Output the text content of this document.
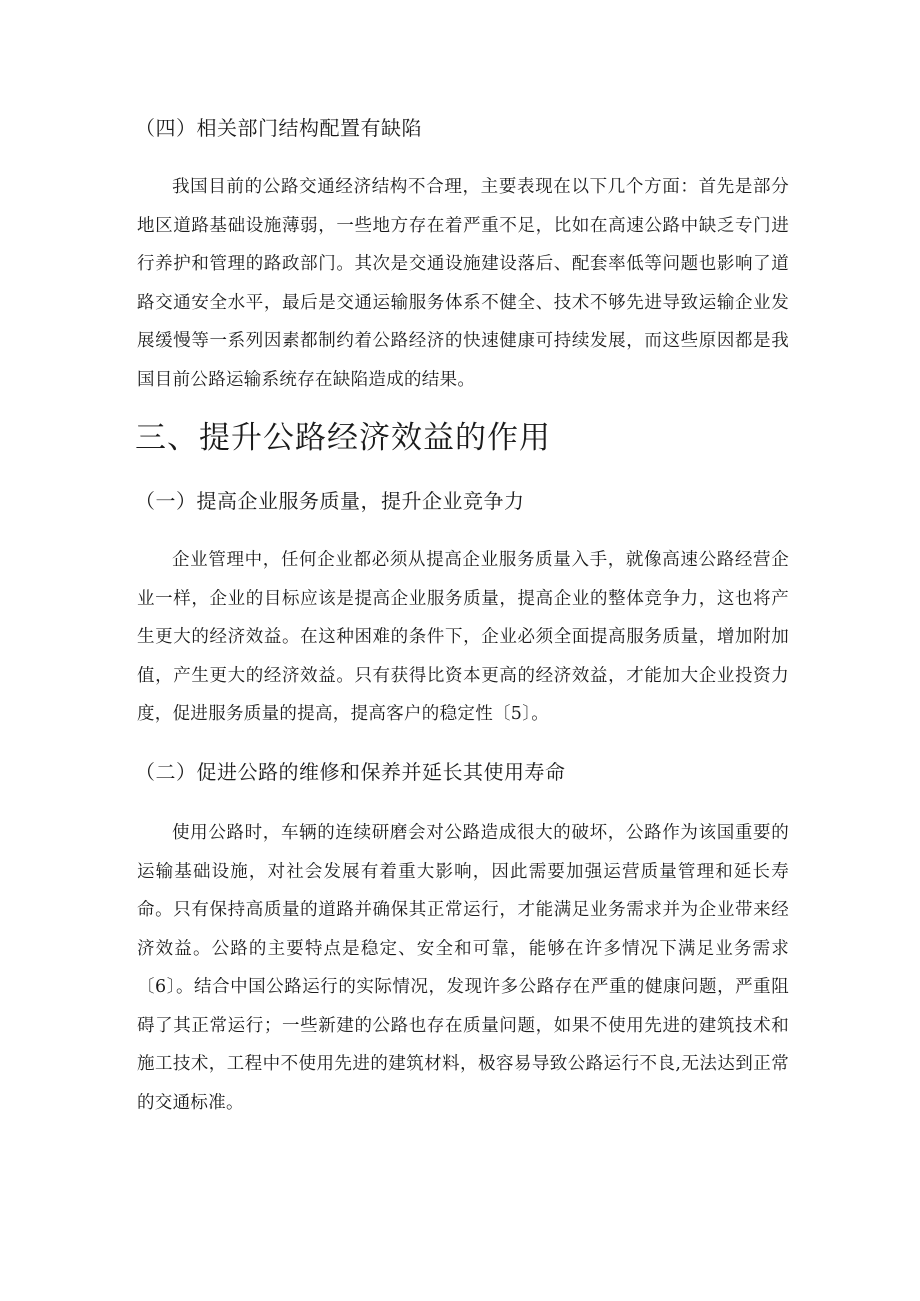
（四）相关部门结构配置有缺陷

我国目前的公路交通经济结构不合理，主要表现在以下几个方面：首先是部分地区道路基础设施薄弱，一些地方存在着严重不足，比如在高速公路中缺乏专门进行养护和管理的路政部门。其次是交通设施建设落后、配套率低等问题也影响了道路交通安全水平，最后是交通运输服务体系不健全、技术不够先进导致运输企业发展缓慢等一系列因素都制约着公路经济的快速健康可持续发展，而这些原因都是我国目前公路运输系统存在缺陷造成的结果。

三、提升公路经济效益的作用
（一）提高企业服务质量，提升企业竞争力

企业管理中，任何企业都必须从提高企业服务质量入手，就像高速公路经营企业一样，企业的目标应该是提高企业服务质量，提高企业的整体竞争力，这也将产生更大的经济效益。在这种困难的条件下，企业必须全面提高服务质量，增加附加值，产生更大的经济效益。只有获得比资本更高的经济效益，才能加大企业投资力度，促进服务质量的提高，提高客户的稳定性〔5〕。

（二）促进公路的维修和保养并延长其使用寿命

使用公路时，车辆的连续研磨会对公路造成很大的破坏，公路作为该国重要的运输基础设施，对社会发展有着重大影响，因此需要加强运营质量管理和延长寿命。只有保持高质量的道路并确保其正常运行，才能满足业务需求并为企业带来经济效益。公路的主要特点是稳定、安全和可靠，能够在许多情况下满足业务需求〔6〕。结合中国公路运行的实际情况，发现许多公路存在严重的健康问题，严重阻碍了其正常运行；一些新建的公路也存在质量问题，如果不使用先进的建筑技术和施工技术，工程中不使用先进的建筑材料，极容易导致公路运行不良,无法达到正常的交通标准。
